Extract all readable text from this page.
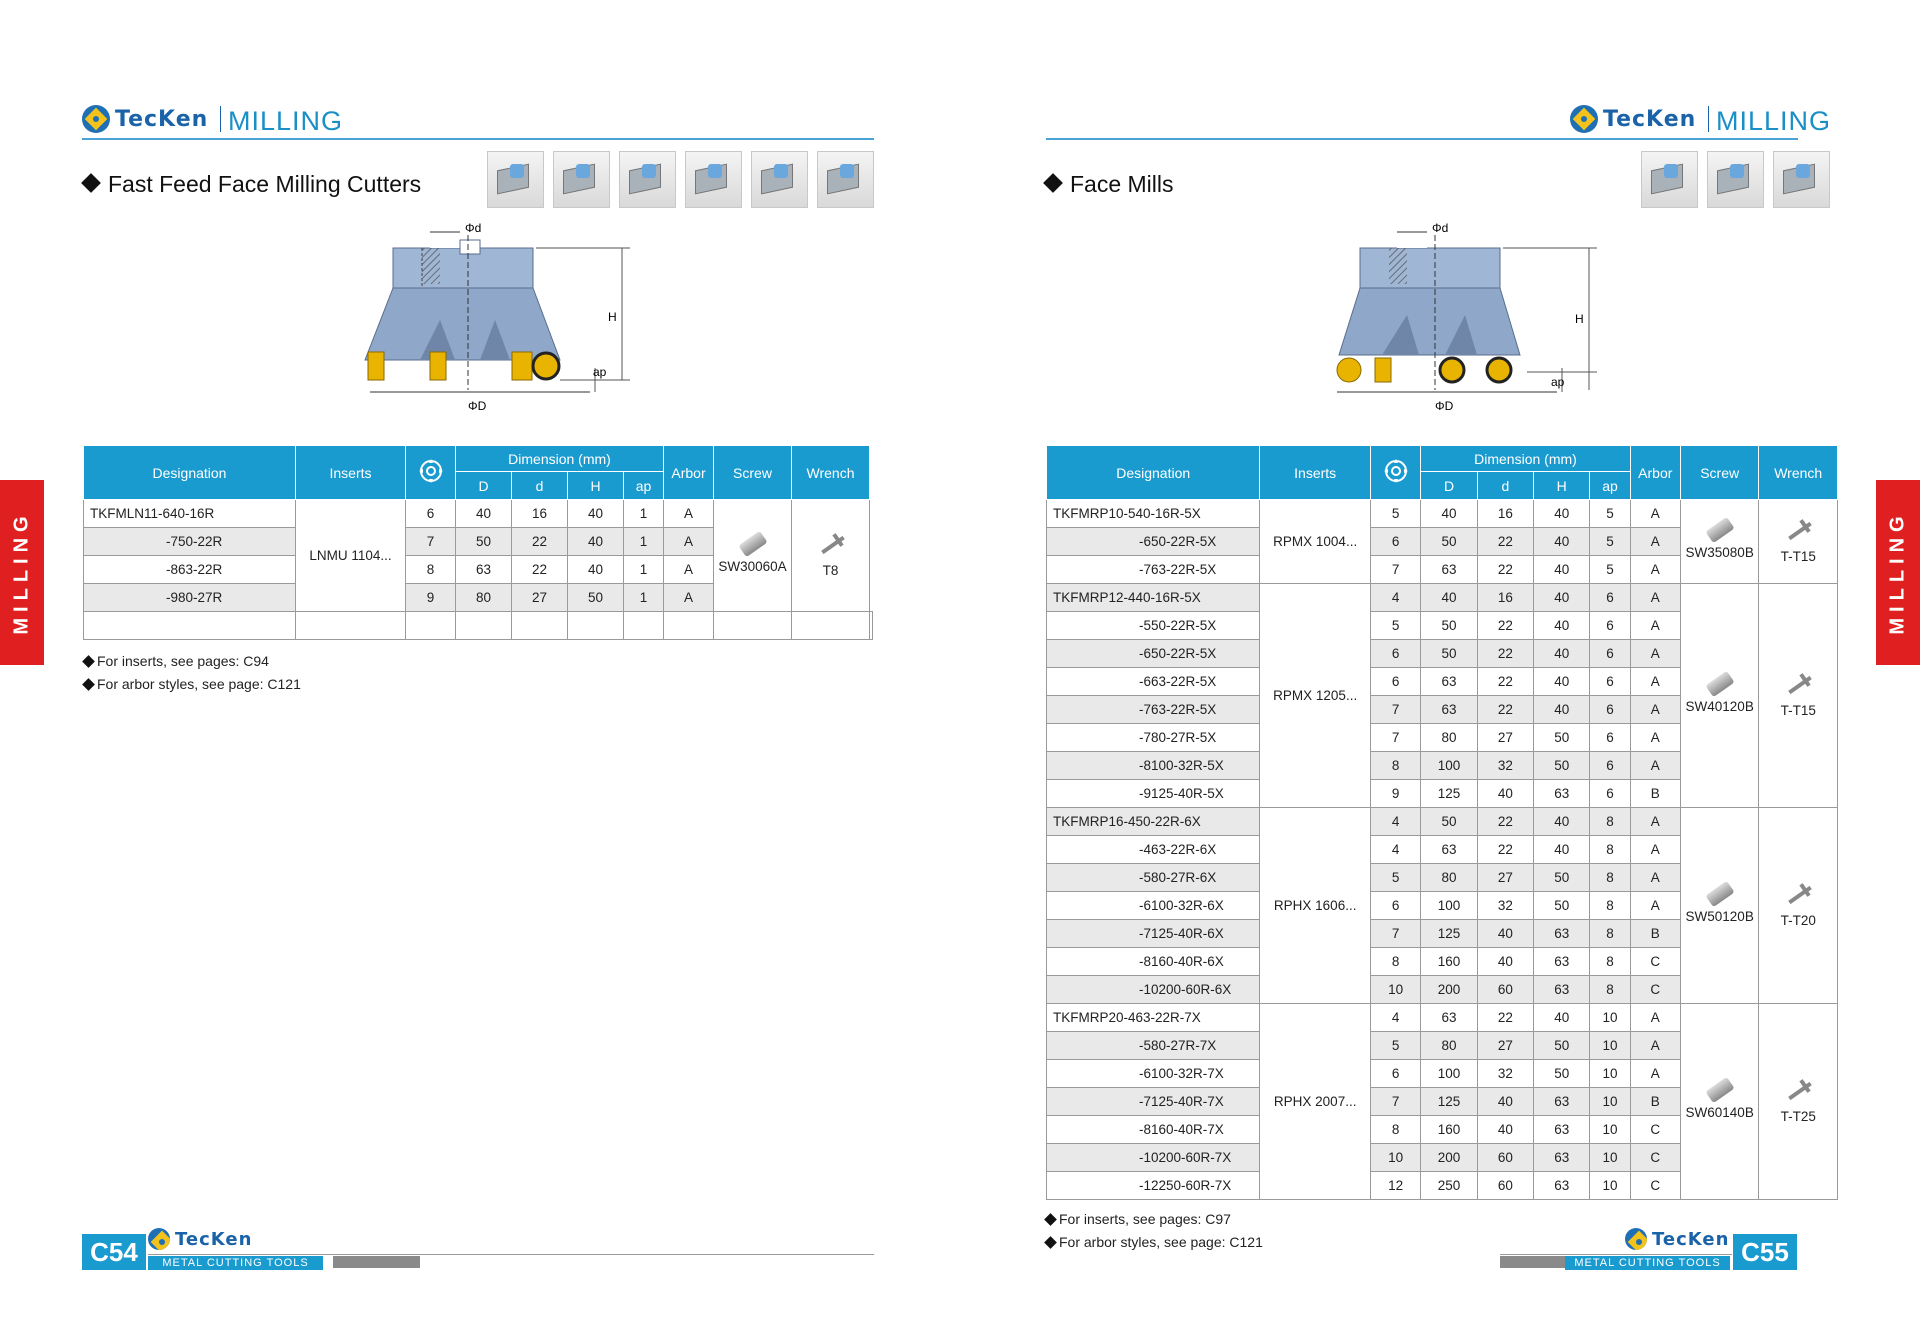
TecKen MILLING
Fast Feed Face Milling Cutters
Φd
H
ap
ΦD
Designation	Inserts		Dimension (mm)				Arbor	Screw	Wrench	
			D	d	H	ap				
TKFMLN11-640-16R	LNMU 1104...	6	40	16	40	1	A	SW30060A	T8	

-750-22R		7	50	22	40	1	A			
-863-22R		8	63	22	40	1	A			
-980-27R		9	80	27	50	1	A			

For inserts, see pages: C94
For arbor styles, see page: C121
MILLING
C54	TecKen
METAL CUTTING TOOLS
TecKen MILLING
Face Mills
Φd
H
ap
ΦD
Designation	Inserts		Dimension (mm)				Arbor	Screw	Wrench
			D	d	H	ap			
TKFMRP10-540-16R-5X	RPMX 1004...	5	40	16	40	5	A	SW35080B	T-T15

-650-22R-5X		6	50	22	40	5	A		
-763-22R-5X		7	63	22	40	5	A		
TKFMRP12-440-16R-5X	RPMX 1205...	4	40	16	40	6	A	SW40120B	T-T15

-550-22R-5X		5	50	22	40	6	A		
-650-22R-5X		6	50	22	40	6	A		
-663-22R-5X		6	63	22	40	6	A		
-763-22R-5X		7	63	22	40	6	A		
-780-27R-5X		7	80	27	50	6	A		
-8100-32R-5X		8	100	32	50	6	A		
-9125-40R-5X		9	125	40	63	6	B		
TKFMRP16-450-22R-6X	RPHX 1606...	4	50	22	40	8	A	SW50120B	T-T20

-463-22R-6X		4	63	22	40	8	A		
-580-27R-6X		5	80	27	50	8	A		
-6100-32R-6X		6	100	32	50	8	A		
-7125-40R-6X		7	125	40	63	8	B		
-8160-40R-6X		8	160	40	63	8	C		
-10200-60R-6X		10	200	60	63	8	C		
TKFMRP20-463-22R-7X	RPHX 2007...	4	63	22	40	10	A	SW60140B	T-T25

-580-27R-7X		5	80	27	50	10	A		
-6100-32R-7X		6	100	32	50	10	A		
-7125-40R-7X		7	125	40	63	10	B		
-8160-40R-7X		8	160	40	63	10	C		
-10200-60R-7X		10	200	60	63	10	C		
-12250-60R-7X		12	250	60	63	10	C		
For inserts, see pages: C97
For arbor styles, see page: C121
MILLING
TecKen
METAL CUTTING TOOLS C55
